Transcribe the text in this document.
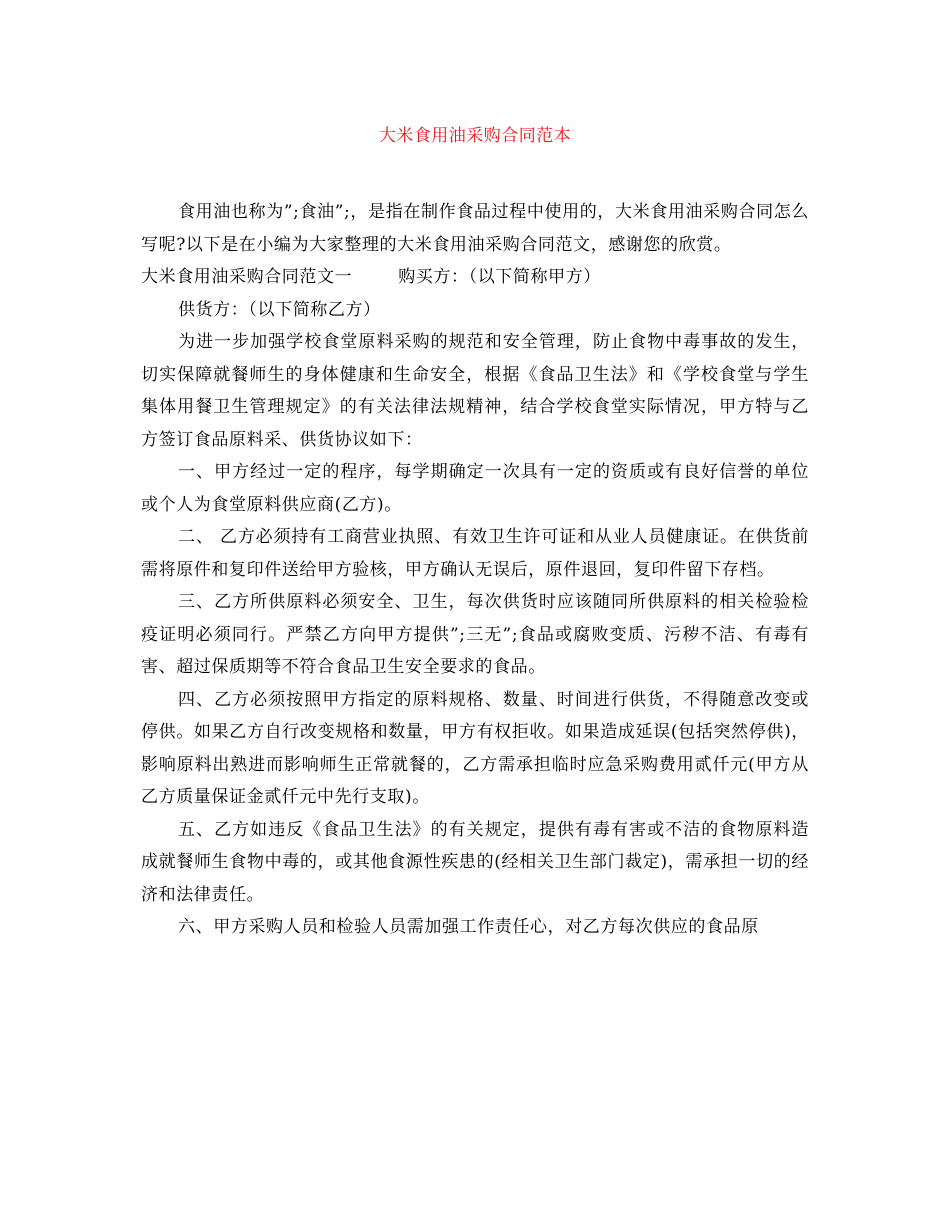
大米食用油采购合同范本

食用油也称为”;食油”;，是指在制作食品过程中使用的，大米食用油采购合同怎么写呢?以下是在小编为大家整理的大米食用油采购合同范文，感谢您的欣赏。

大米食用油采购合同范文一	购买方：（以下简称甲方）

供货方：（以下简称乙方）

为进一步加强学校食堂原料采购的规范和安全管理，防止食物中毒事故的发生，切实保障就餐师生的身体健康和生命安全，根据《食品卫生法》和《学校食堂与学生集体用餐卫生管理规定》的有关法律法规精神，结合学校食堂实际情况，甲方特与乙方签订食品原料采、供货协议如下：

一、甲方经过一定的程序，每学期确定一次具有一定的资质或有良好信誉的单位或个人为食堂原料供应商(乙方)。

二、 乙方必须持有工商营业执照、有效卫生许可证和从业人员健康证。在供货前需将原件和复印件送给甲方验核，甲方确认无误后，原件退回，复印件留下存档。

三、乙方所供原料必须安全、卫生，每次供货时应该随同所供原料的相关检验检疫证明必须同行。严禁乙方向甲方提供”;三无”;食品或腐败变质、污秽不洁、有毒有害、超过保质期等不符合食品卫生安全要求的食品。

四、乙方必须按照甲方指定的原料规格、数量、时间进行供货，不得随意改变或停供。如果乙方自行改变规格和数量，甲方有权拒收。如果造成延误(包括突然停供)，影响原料出熟进而影响师生正常就餐的，乙方需承担临时应急采购费用贰仟元(甲方从乙方质量保证金贰仟元中先行支取)。

五、乙方如违反《食品卫生法》的有关规定，提供有毒有害或不洁的食物原料造成就餐师生食物中毒的，或其他食源性疾患的(经相关卫生部门裁定)，需承担一切的经济和法律责任。

六、甲方采购人员和检验人员需加强工作责任心，对乙方每次供应的食品原
